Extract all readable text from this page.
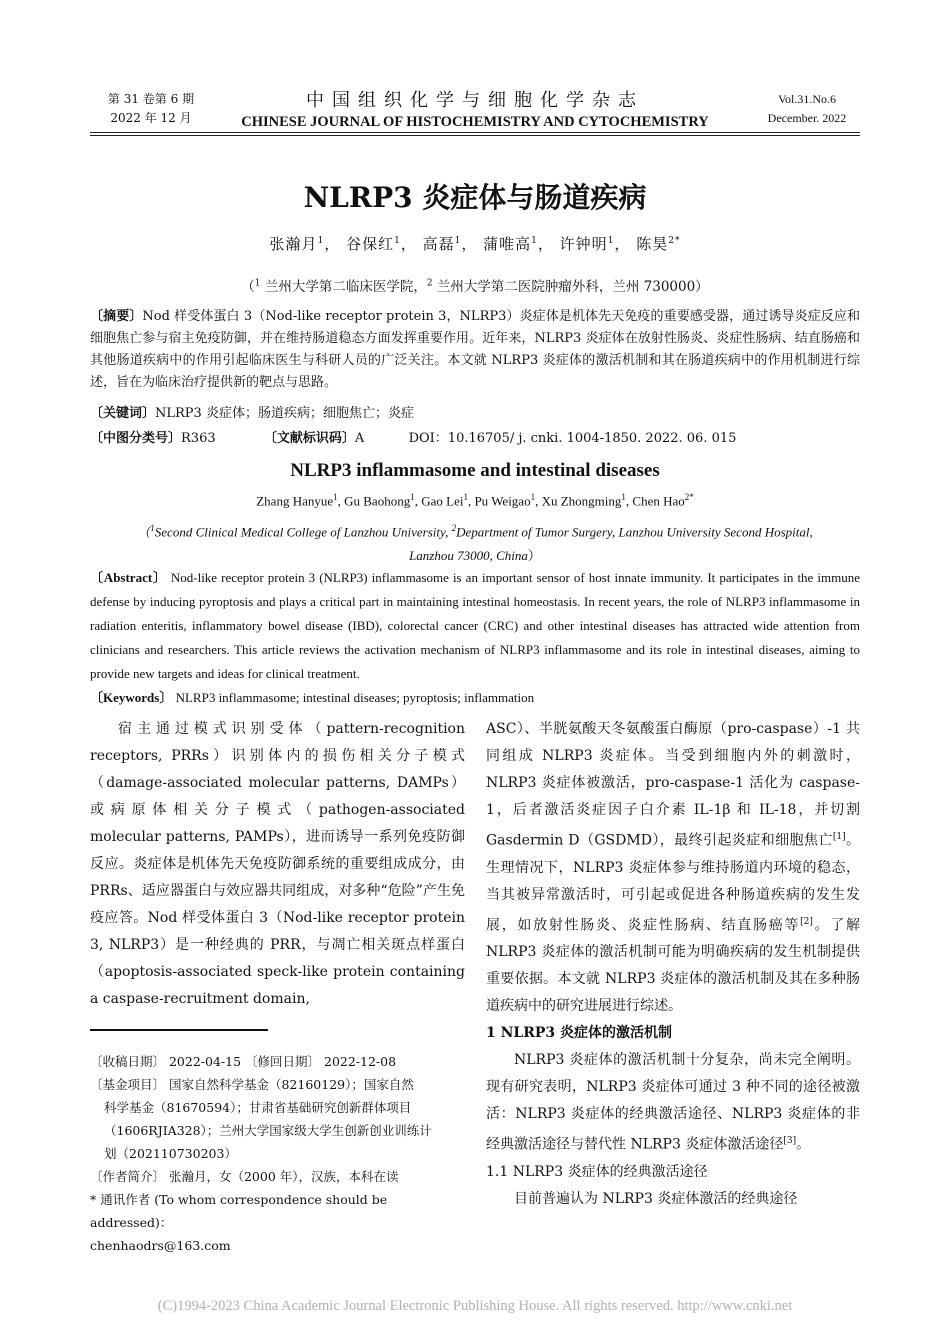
第 31 卷第 6 期
2022 年 12 月
中国组织化学与细胞化学杂志
CHINESE JOURNAL OF HISTOCHEMISTRY AND CYTOCHEMISTRY
Vol.31.No.6
December. 2022
NLRP3 炎症体与肠道疾病
张瀚月$^1$， 谷保红$^1$， 高磊$^1$， 蒲唯高$^1$， 许钟明$^1$， 陈昊$^{2*}$
（$^1$ 兰州大学第二临床医学院，$^2$ 兰州大学第二医院肿瘤外科，兰州 730000）
〔摘要〕Nod 样受体蛋白 3（Nod-like receptor protein 3，NLRP3）炎症体是机体先天免疫的重要感受器，通过诱导炎症反应和细胞焦亡参与宿主免疫防御，并在维持肠道稳态方面发挥重要作用。近年来，NLRP3 炎症体在放射性肠炎、炎症性肠病、结直肠癌和其他肠道疾病中的作用引起临床医生与科研人员的广泛关注。本文就 NLRP3 炎症体的激活机制和其在肠道疾病中的作用机制进行综述，旨在为临床治疗提供新的靶点与思路。
〔关键词〕NLRP3 炎症体；肠道疾病；细胞焦亡；炎症
〔中图分类号〕R363	〔文献标识码〕A	DOI：10.16705/ j. cnki. 1004-1850. 2022. 06. 015
NLRP3 inflammasome and intestinal diseases
Zhang Hanyue$^1$, Gu Baohong$^1$, Gao Lei$^1$, Pu Weigao$^1$, Xu Zhongming$^1$, Chen Hao$^{2*}$
（$^1$Second Clinical Medical College of Lanzhou University, $^2$Department of Tumor Surgery, Lanzhou University Second Hospital,
Lanzhou 73000, China）
〔Abstract〕 Nod-like receptor protein 3 (NLRP3) inflammasome is an important sensor of host innate immunity. It participates in the immune defense by inducing pyroptosis and plays a critical part in maintaining intestinal homeostasis. In recent years, the role of NLRP3 inflammasome in radiation enteritis, inflammatory bowel disease (IBD), colorectal cancer (CRC) and other intestinal diseases has attracted wide attention from clinicians and researchers. This article reviews the activation mechanism of NLRP3 inflammasome and its role in intestinal diseases, aiming to provide new targets and ideas for clinical treatment.
〔Keywords〕 NLRP3 inflammasome; intestinal diseases; pyroptosis; inflammation

宿主通过模式识别受体（pattern-recognition receptors, PRRs）识别体内的损伤相关分子模式（damage-associated molecular patterns, DAMPs）或病原体相关分子模式（pathogen-associated molecular patterns, PAMPs），进而诱导一系列免疫防御反应。炎症体是机体先天免疫防御系统的重要组成成分，由 PRRs、适应器蛋白与效应器共同组成，对多种“危险”产生免疫应答。Nod 样受体蛋白 3（Nod-like receptor protein 3, NLRP3）是一种经典的 PRR，与凋亡相关斑点样蛋白（apoptosis-associated speck-like protein containing a caspase-recruitment domain,

ASC）、半胱氨酸天冬氨酸蛋白酶原（pro-caspase）-1 共同组成 NLRP3 炎症体。当受到细胞内外的刺激时，NLRP3 炎症体被激活，pro-caspase-1 活化为 caspase-1，后者激活炎症因子白介素 IL-1β 和 IL-18，并切割 Gasdermin D（GSDMD），最终引起炎症和细胞焦亡[1]。生理情况下，NLRP3 炎症体参与维持肠道内环境的稳态，当其被异常激活时，可引起或促进各种肠道疾病的发生发展，如放射性肠炎、炎症性肠病、结直肠癌等[2]。了解 NLRP3 炎症体的激活机制可能为明确疾病的发生机制提供重要依据。本文就 NLRP3 炎症体的激活机制及其在多种肠道疾病中的研究进展进行综述。

1 NLRP3 炎症体的激活机制

NLRP3 炎症体的激活机制十分复杂，尚未完全阐明。现有研究表明，NLRP3 炎症体可通过 3 种不同的途径被激活：NLRP3 炎症体的经典激活途径、NLRP3 炎症体的非经典激活途径与替代性 NLRP3 炎症体激活途径[3]。

1.1 NLRP3 炎症体的经典激活途径

目前普遍认为 NLRP3 炎症体激活的经典途径

〔收稿日期〕 2022-04-15 〔修回日期〕 2022-12-08

〔基金项目〕 国家自然科学基金（82160129）；国家自然

科学基金（81670594）；甘肃省基础研究创新群体项目

（1606RJIA328）；兰州大学国家级大学生创新创业训练计

划（202110730203）

〔作者简介〕 张瀚月，女（2000 年），汉族，本科在读

* 通讯作者 (To whom correspondence should be addressed)：

chenhaodrs@163.com

(C)1994-2023 China Academic Journal Electronic Publishing House. All rights reserved. http://www.cnki.net
